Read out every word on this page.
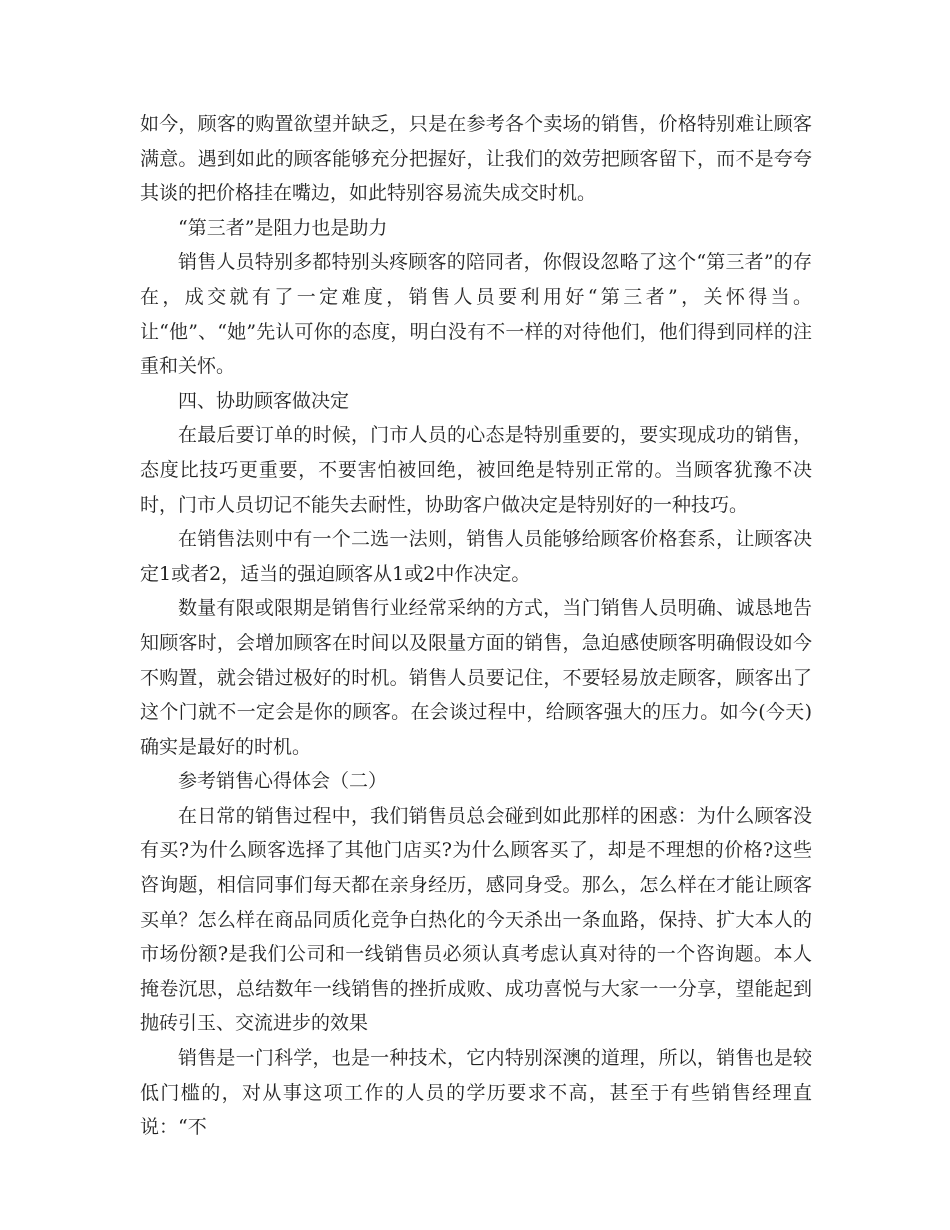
如今，顾客的购置欲望并缺乏，只是在参考各个卖场的销售，价格特别难让顾客满意。遇到如此的顾客能够充分把握好，让我们的效劳把顾客留下，而不是夸夸其谈的把价格挂在嘴边，如此特别容易流失成交时机。

“第三者”是阻力也是助力

销售人员特别多都特别头疼顾客的陪同者，你假设忽略了这个“第三者”的存在，成交就有了一定难度，销售人员要利用好“第三者”，关怀得当。让“他”、“她”先认可你的态度，明白没有不一样的对待他们，他们得到同样的注重和关怀。

四、协助顾客做决定

在最后要订单的时候，门市人员的心态是特别重要的，要实现成功的销售，态度比技巧更重要，不要害怕被回绝，被回绝是特别正常的。当顾客犹豫不决时，门市人员切记不能失去耐性，协助客户做决定是特别好的一种技巧。

在销售法则中有一个二选一法则，销售人员能够给顾客价格套系，让顾客决定1或者2，适当的强迫顾客从1或2中作决定。

数量有限或限期是销售行业经常采纳的方式，当门销售人员明确、诚恳地告知顾客时，会增加顾客在时间以及限量方面的销售，急迫感使顾客明确假设如今不购置，就会错过极好的时机。销售人员要记住，不要轻易放走顾客，顾客出了这个门就不一定会是你的顾客。在会谈过程中，给顾客强大的压力。如今(今天)确实是最好的时机。

参考销售心得体会（二）

在日常的销售过程中，我们销售员总会碰到如此那样的困惑：为什么顾客没有买?为什么顾客选择了其他门店买?为什么顾客买了，却是不理想的价格?这些咨询题，相信同事们每天都在亲身经历，感同身受。那么，怎么样在才能让顾客买单？怎么样在商品同质化竞争白热化的今天杀出一条血路，保持、扩大本人的市场份额?是我们公司和一线销售员必须认真考虑认真对待的一个咨询题。本人掩卷沉思，总结数年一线销售的挫折成败、成功喜悦与大家一一分享，望能起到抛砖引玉、交流进步的效果

销售是一门科学，也是一种技术，它内特别深澳的道理，所以，销售也是较低门槛的，对从事这项工作的人员的学历要求不高，甚至于有些销售经理直说：“不
